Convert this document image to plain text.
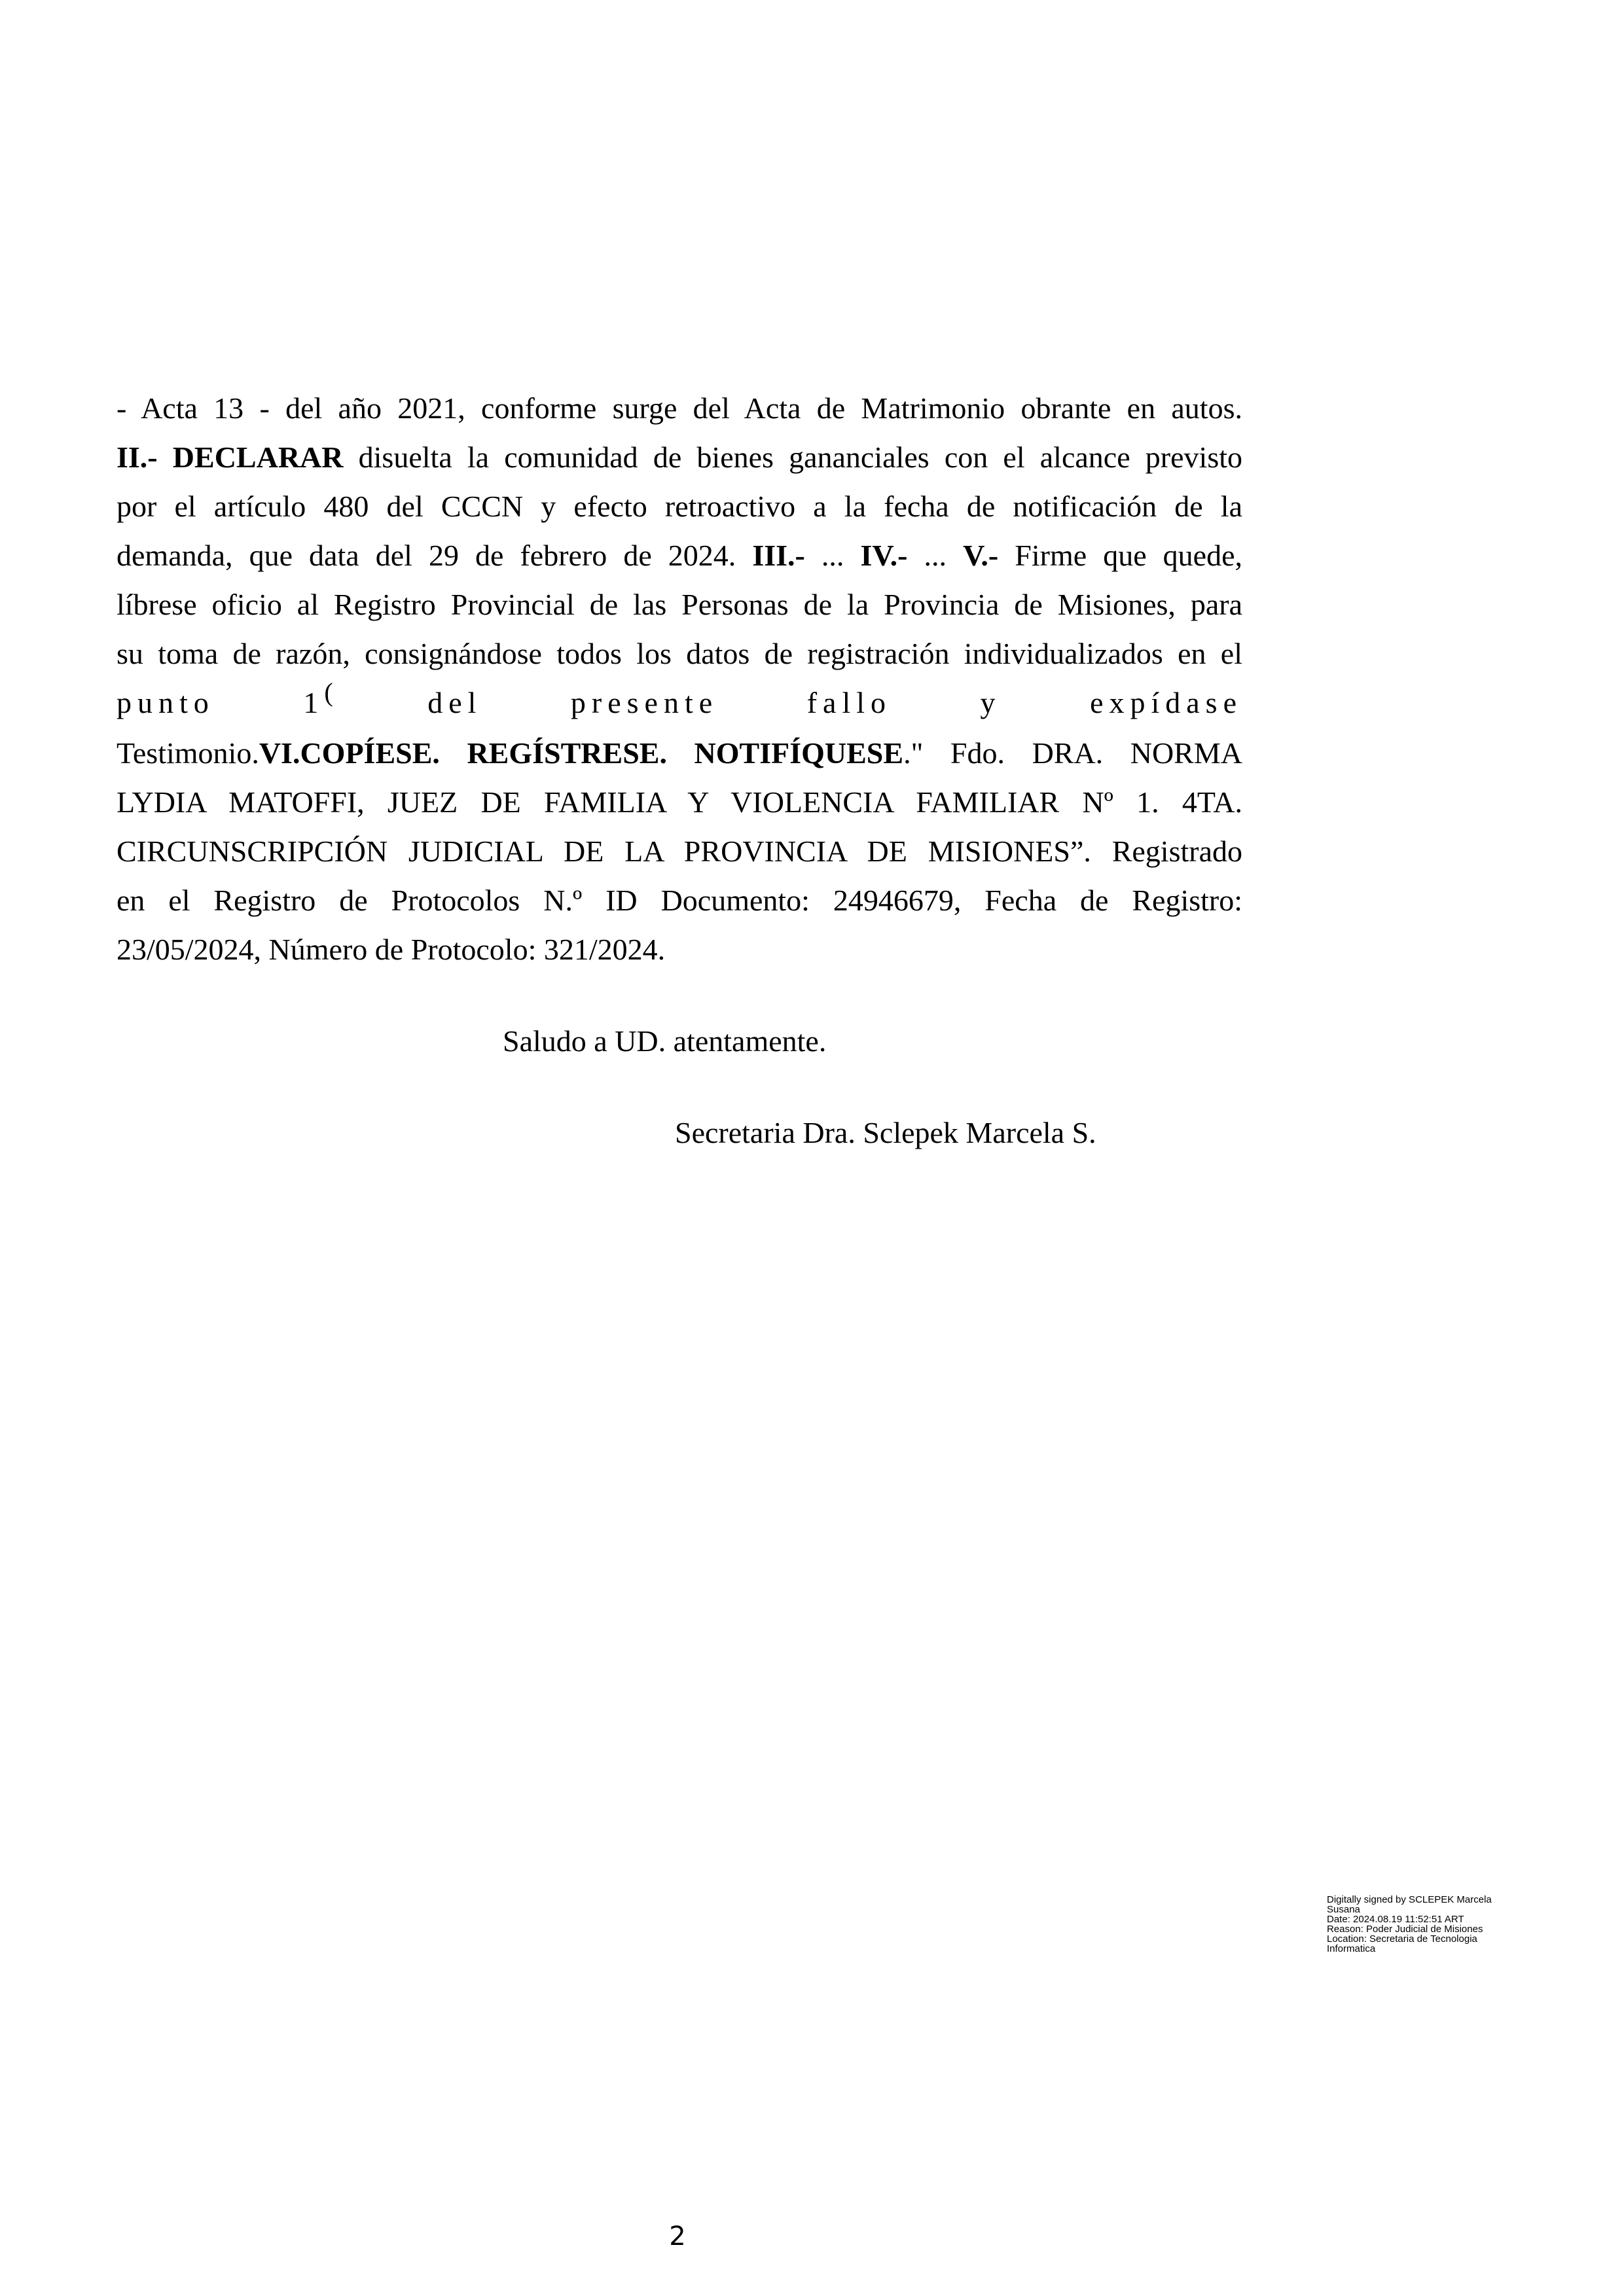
- Acta 13 - del año 2021, conforme surge del Acta de Matrimonio obrante en autos.
II.- DECLARAR disuelta la comunidad de bienes gananciales con el alcance previsto
por el artículo 480 del CCCN y efecto retroactivo a la fecha de notificación de la
demanda, que data del 29 de febrero de 2024. III.- ... IV.- ... V.- Firme que quede,
líbrese oficio al Registro Provincial de las Personas de la Provincia de Misiones, para
su toma de razón, consignándose todos los datos de registración individualizados en el
punto 1( del presente fallo y expídase
Testimonio.VI.COPÍESE. REGÍSTRESE. NOTIFÍQUESE." Fdo. DRA. NORMA
LYDIA MATOFFI, JUEZ DE FAMILIA Y VIOLENCIA FAMILIAR Nº 1. 4TA.
CIRCUNSCRIPCIÓN JUDICIAL DE LA PROVINCIA DE MISIONES”. Registrado
en el Registro de Protocolos N.º ID Documento: 24946679, Fecha de Registro:
23/05/2024, Número de Protocolo: 321/2024.
Saludo a UD. atentamente.
Secretaria Dra. Sclepek Marcela S.
Digitally signed by SCLEPEK Marcela
Susana
Date: 2024.08.19 11:52:51 ART
Reason: Poder Judicial de Misiones
Location: Secretaria de Tecnologia
Informatica
2
